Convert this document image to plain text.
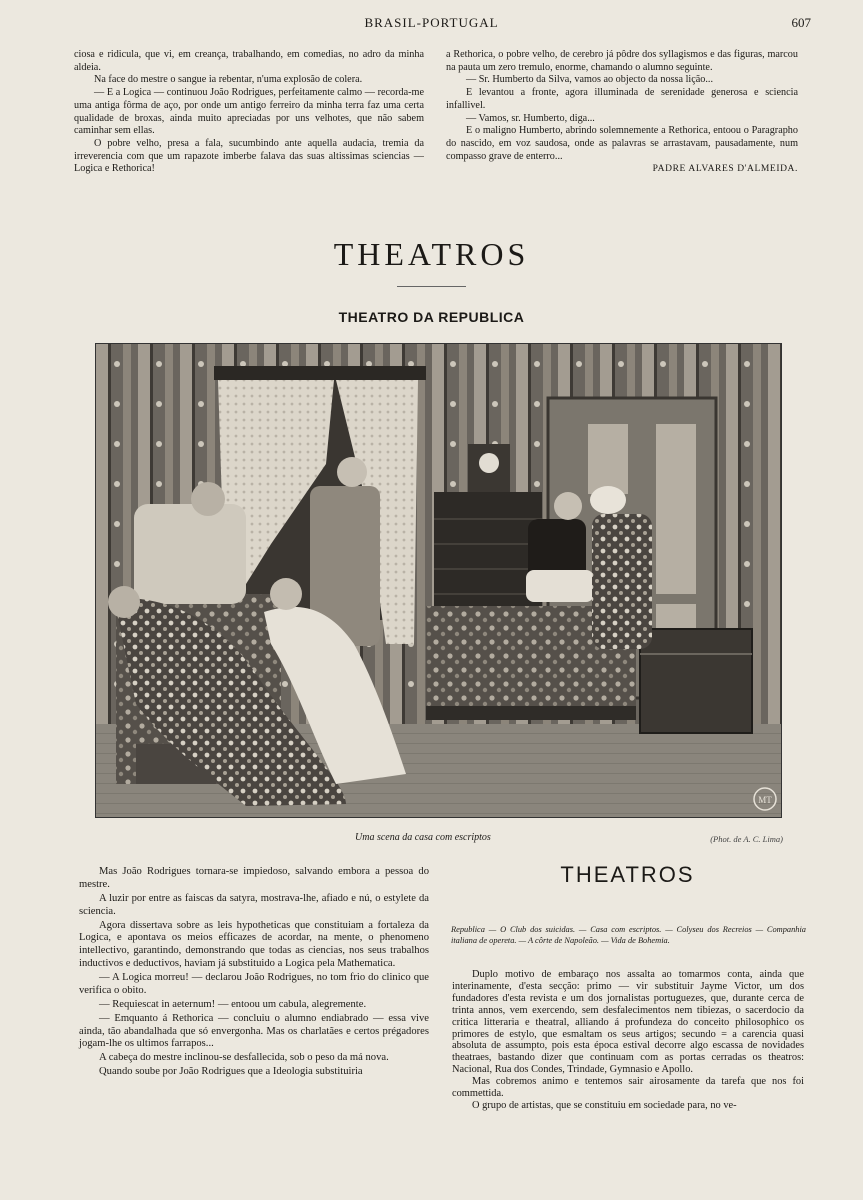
BRASIL-PORTUGAL	607

ciosa e ridicula, que vi, em creança, trabalhando, em comedias, no adro da minha aldeia.

Na face do mestre o sangue ia rebentar, n'uma explosão de colera.

— E a Logica — continuou João Rodrigues, perfeitamente calmo — recorda-me uma antiga fôrma de aço, por onde um antigo ferreiro da minha terra faz uma certa qualidade de broxas, ainda muito apreciadas por uns velhotes, que não sabem caminhar sem ellas.

O pobre velho, presa a fala, sucumbindo ante aquella audacia, tremia da irreverencia com que um rapazote imberbe falava das suas altissimas sciencias — Logica e Rethorica!

a Rethorica, o pobre velho, de cerebro já pôdre dos syllagismos e das figuras, marcou na pauta um zero tremulo, enorme, chamando o alumno seguinte.

— Sr. Humberto da Silva, vamos ao objecto da nossa lição...

E levantou a fronte, agora illuminada de serenidade generosa e sciencia infallivel.

— Vamos, sr. Humberto, diga...

E o maligno Humberto, abrindo solemnemente a Rethorica, entoou o Paragrapho do nascido, em voz saudosa, onde as palavras se arrastavam, pausadamente, num compasso grave de enterro...

PADRE ALVARES D'ALMEIDA.

THEATROS
THEATRO DA REPUBLICA
MT
Uma scena da casa com escriptos	(Phot. de A. C. Lima)

Mas João Rodrigues tornara-se impiedoso, salvando embora a pessoa do mestre.

A luzir por entre as faiscas da satyra, mostrava-lhe, afiado e nú, o estylete da sciencia.

Agora dissertava sobre as leis hypotheticas que constituiam a fortaleza da Logica, e apontava os meios efficazes de acordar, na mente, o phenomeno intellectivo, garantindo, demonstrando que todas as ciencias, nos seus trabalhos inductivos e deductivos, haviam já substituido a Logica pela Mathematica.

— A Logica morreu! — declarou João Rodrigues, no tom frio do clinico que verifica o obito.

— Requiescat in aeternum! — entoou um cabula, alegremente.

— Emquanto á Rethorica — concluiu o alumno endiabrado — essa vive ainda, tão abandalhada que só envergonha. Mas os charlatães e certos prégadores jogam-lhe os ultimos farrapos...

A cabeça do mestre inclinou-se desfallecida, sob o peso da má nova.

Quando soube por João Rodrigues que a Ideologia substituiria

THEATROS
Republica — O Club dos suicidas. — Casa com escriptos. — Colyseu dos Recreios — Companhia italiana de opereta. — A côrte de Napoleão. — Vida de Bohemia.

Duplo motivo de embaraço nos assalta ao tomarmos conta, ainda que interinamente, d'esta secção: primo — vir substituir Jayme Victor, um dos fundadores d'esta revista e um dos jornalistas portuguezes, que, durante cerca de trinta annos, vem exercendo, sem desfalecimentos nem tibiezas, o sacerdocio da critica litteraria e theatral, alliando á profundeza do conceito philosophico os primores de estylo, que esmaltam os seus artigos; secundo = a carencia quasi absoluta de assumpto, pois esta época estival decorre algo escassa de novidades theatraes, bastando dizer que continuam com as portas cerradas os theatros: Nacional, Rua dos Condes, Trindade, Gymnasio e Apollo.

Mas cobremos animo e tentemos sair airosamente da tarefa que nos foi commettida.

O grupo de artistas, que se constituiu em sociedade para, no ve-
